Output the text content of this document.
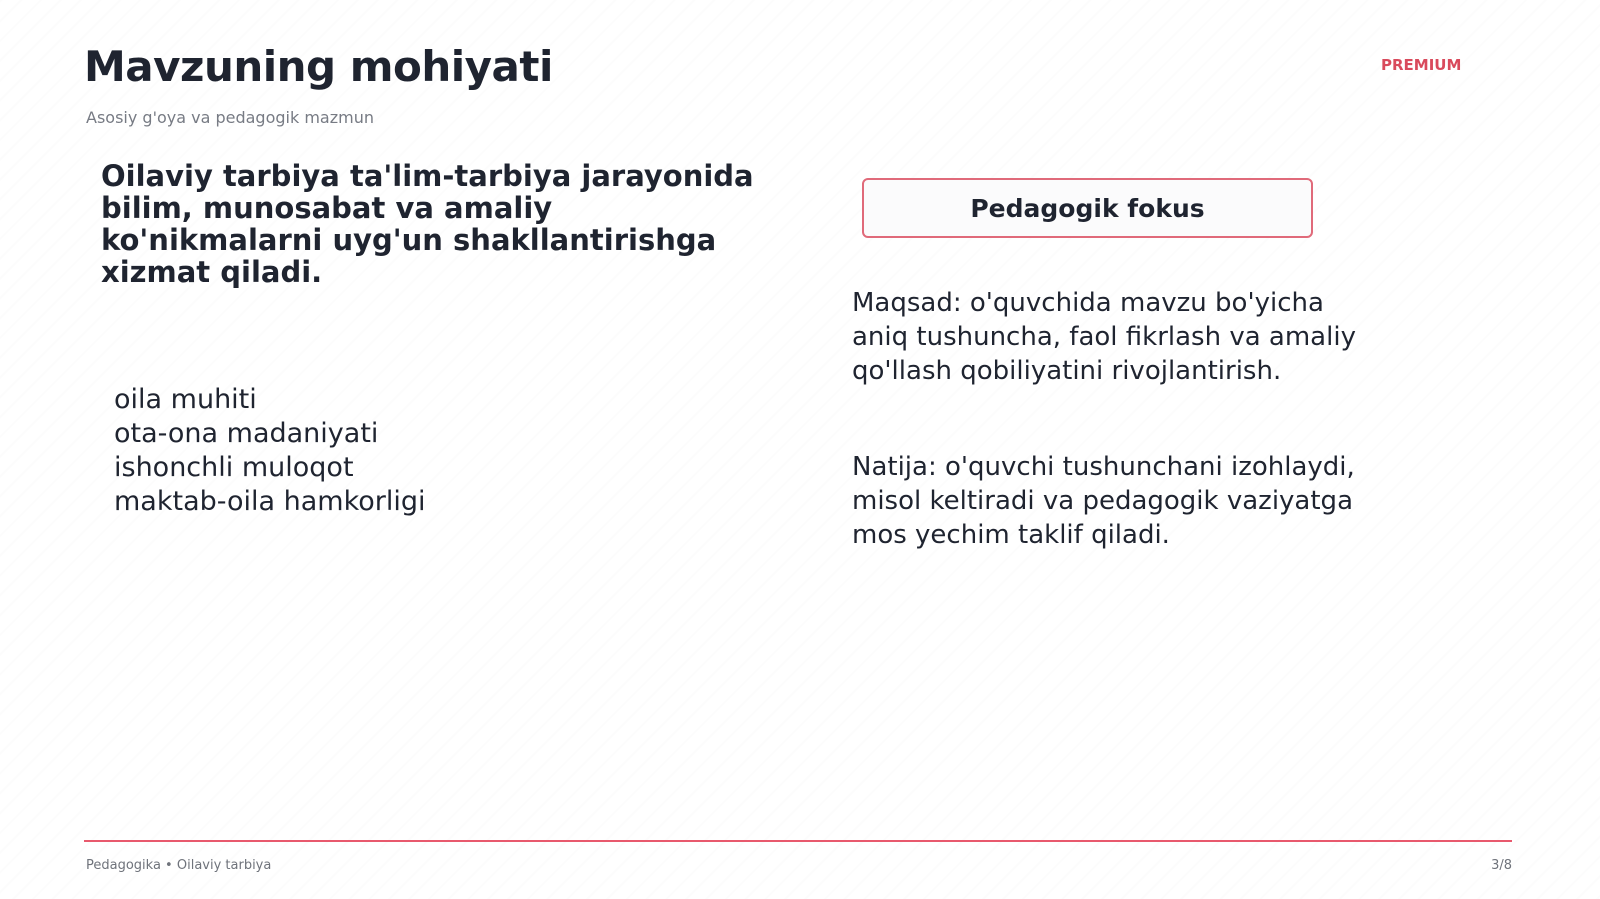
Mavzuning mohiyati
Asosiy g'oya va pedagogik mazmun
PREMIUM
Oilaviy tarbiya ta'lim-tarbiya jarayonida bilim, munosabat va amaliy ko'nikmalarni uyg'un shakllantirishga xizmat qiladi.
oila muhiti
ota-ona madaniyati
ishonchli muloqot
maktab-oila hamkorligi
Pedagogik fokus
Maqsad: o'quvchida mavzu bo'yicha aniq tushuncha, faol fikrlash va amaliy qo'llash qobiliyatini rivojlantirish.
Natija: o'quvchi tushunchani izohlaydi, misol keltiradi va pedagogik vaziyatga mos yechim taklif qiladi.
Pedagogika • Oilaviy tarbiya	3/8
